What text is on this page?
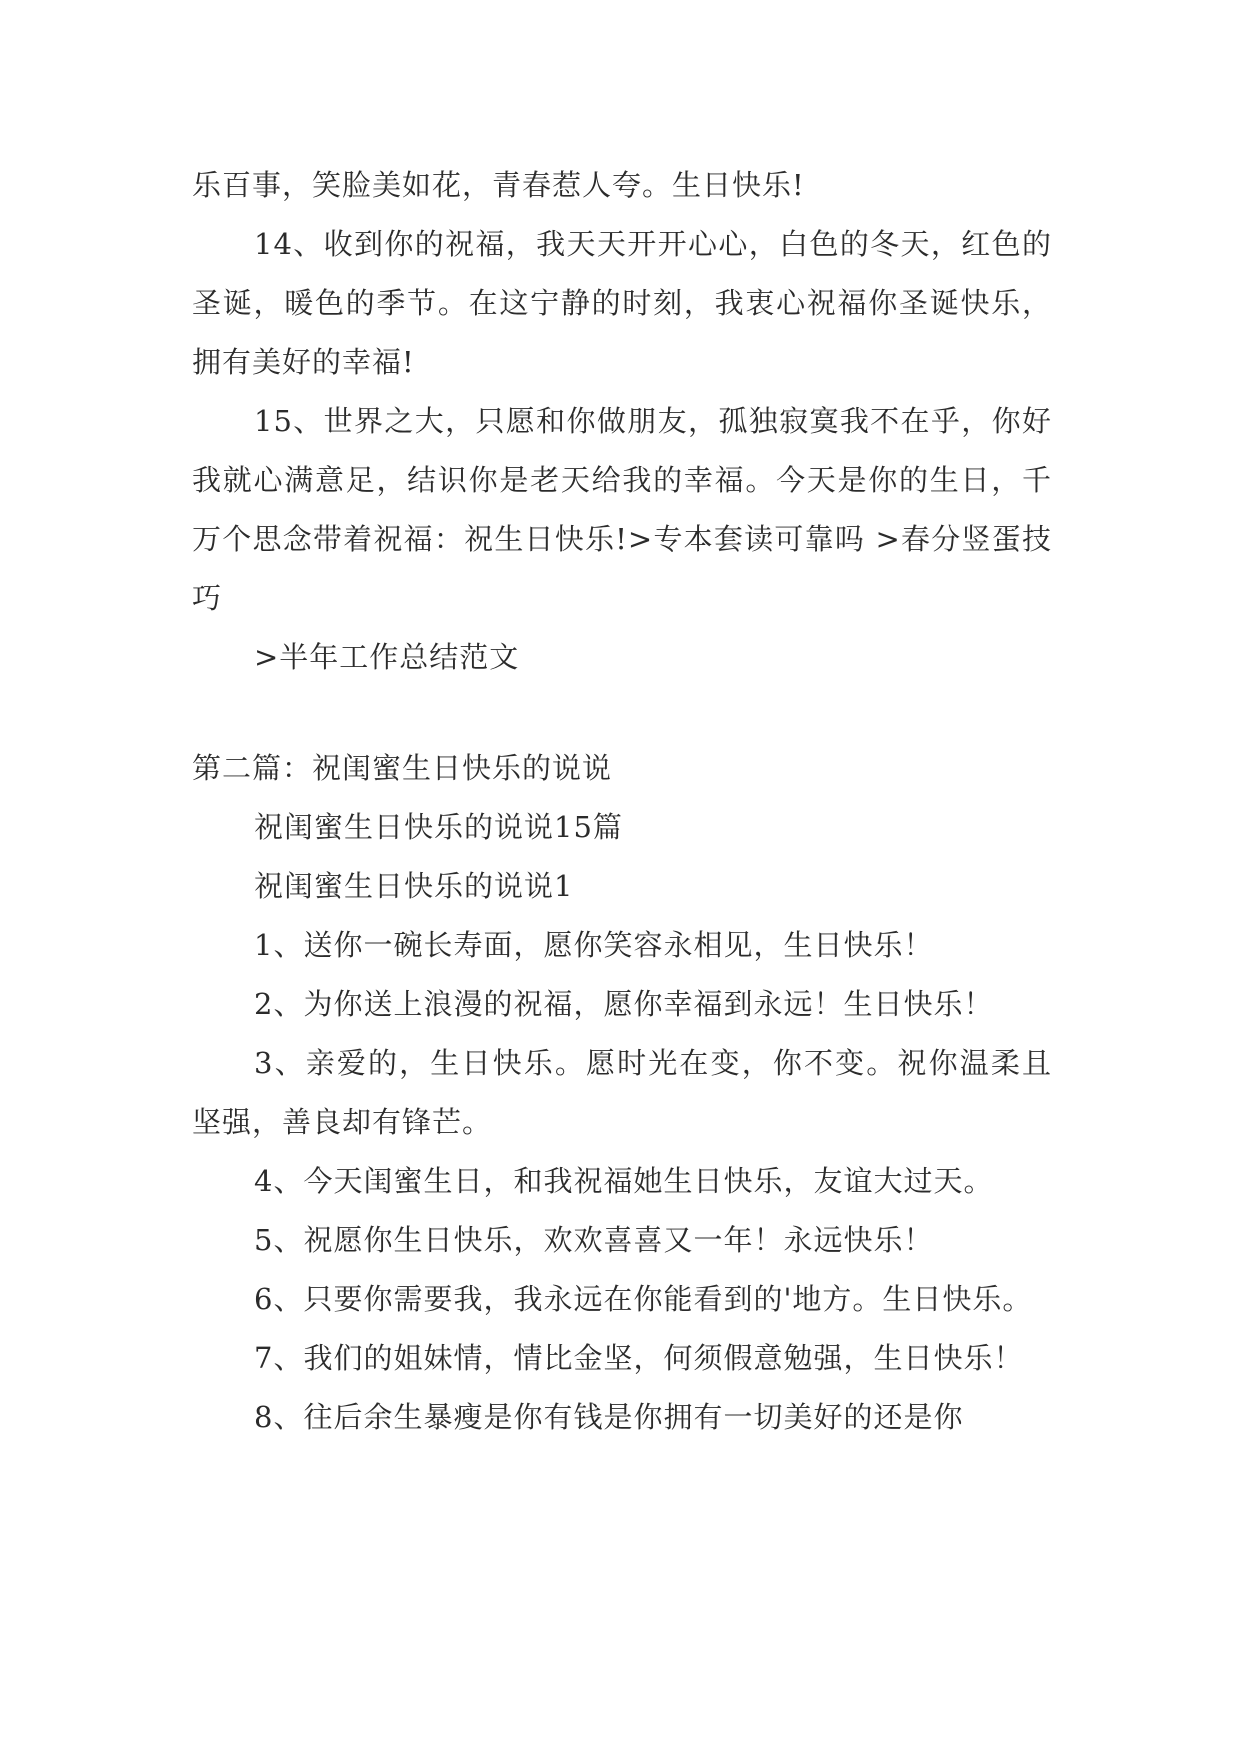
乐百事，笑脸美如花，青春惹人夸。生日快乐!

14、收到你的祝福，我天天开开心心，白色的冬天，红色的圣诞，暖色的季节。在这宁静的时刻，我衷心祝福你圣诞快乐，拥有美好的幸福!

15、世界之大，只愿和你做朋友，孤独寂寞我不在乎，你好我就心满意足，结识你是老天给我的幸福。今天是你的生日，千万个思念带着祝福：祝生日快乐!>专本套读可靠吗 >春分竖蛋技巧

>半年工作总结范文

第二篇：祝闺蜜生日快乐的说说

祝闺蜜生日快乐的说说15篇

祝闺蜜生日快乐的说说1

1、送你一碗长寿面，愿你笑容永相见，生日快乐！

2、为你送上浪漫的祝福，愿你幸福到永远！生日快乐！

3、亲爱的，生日快乐。愿时光在变，你不变。祝你温柔且坚强，善良却有锋芒。

4、今天闺蜜生日，和我祝福她生日快乐，友谊大过天。

5、祝愿你生日快乐，欢欢喜喜又一年！永远快乐！

6、只要你需要我，我永远在你能看到的'地方。生日快乐。

7、我们的姐妹情，情比金坚，何须假意勉强，生日快乐！

8、往后余生暴瘦是你有钱是你拥有一切美好的还是你
